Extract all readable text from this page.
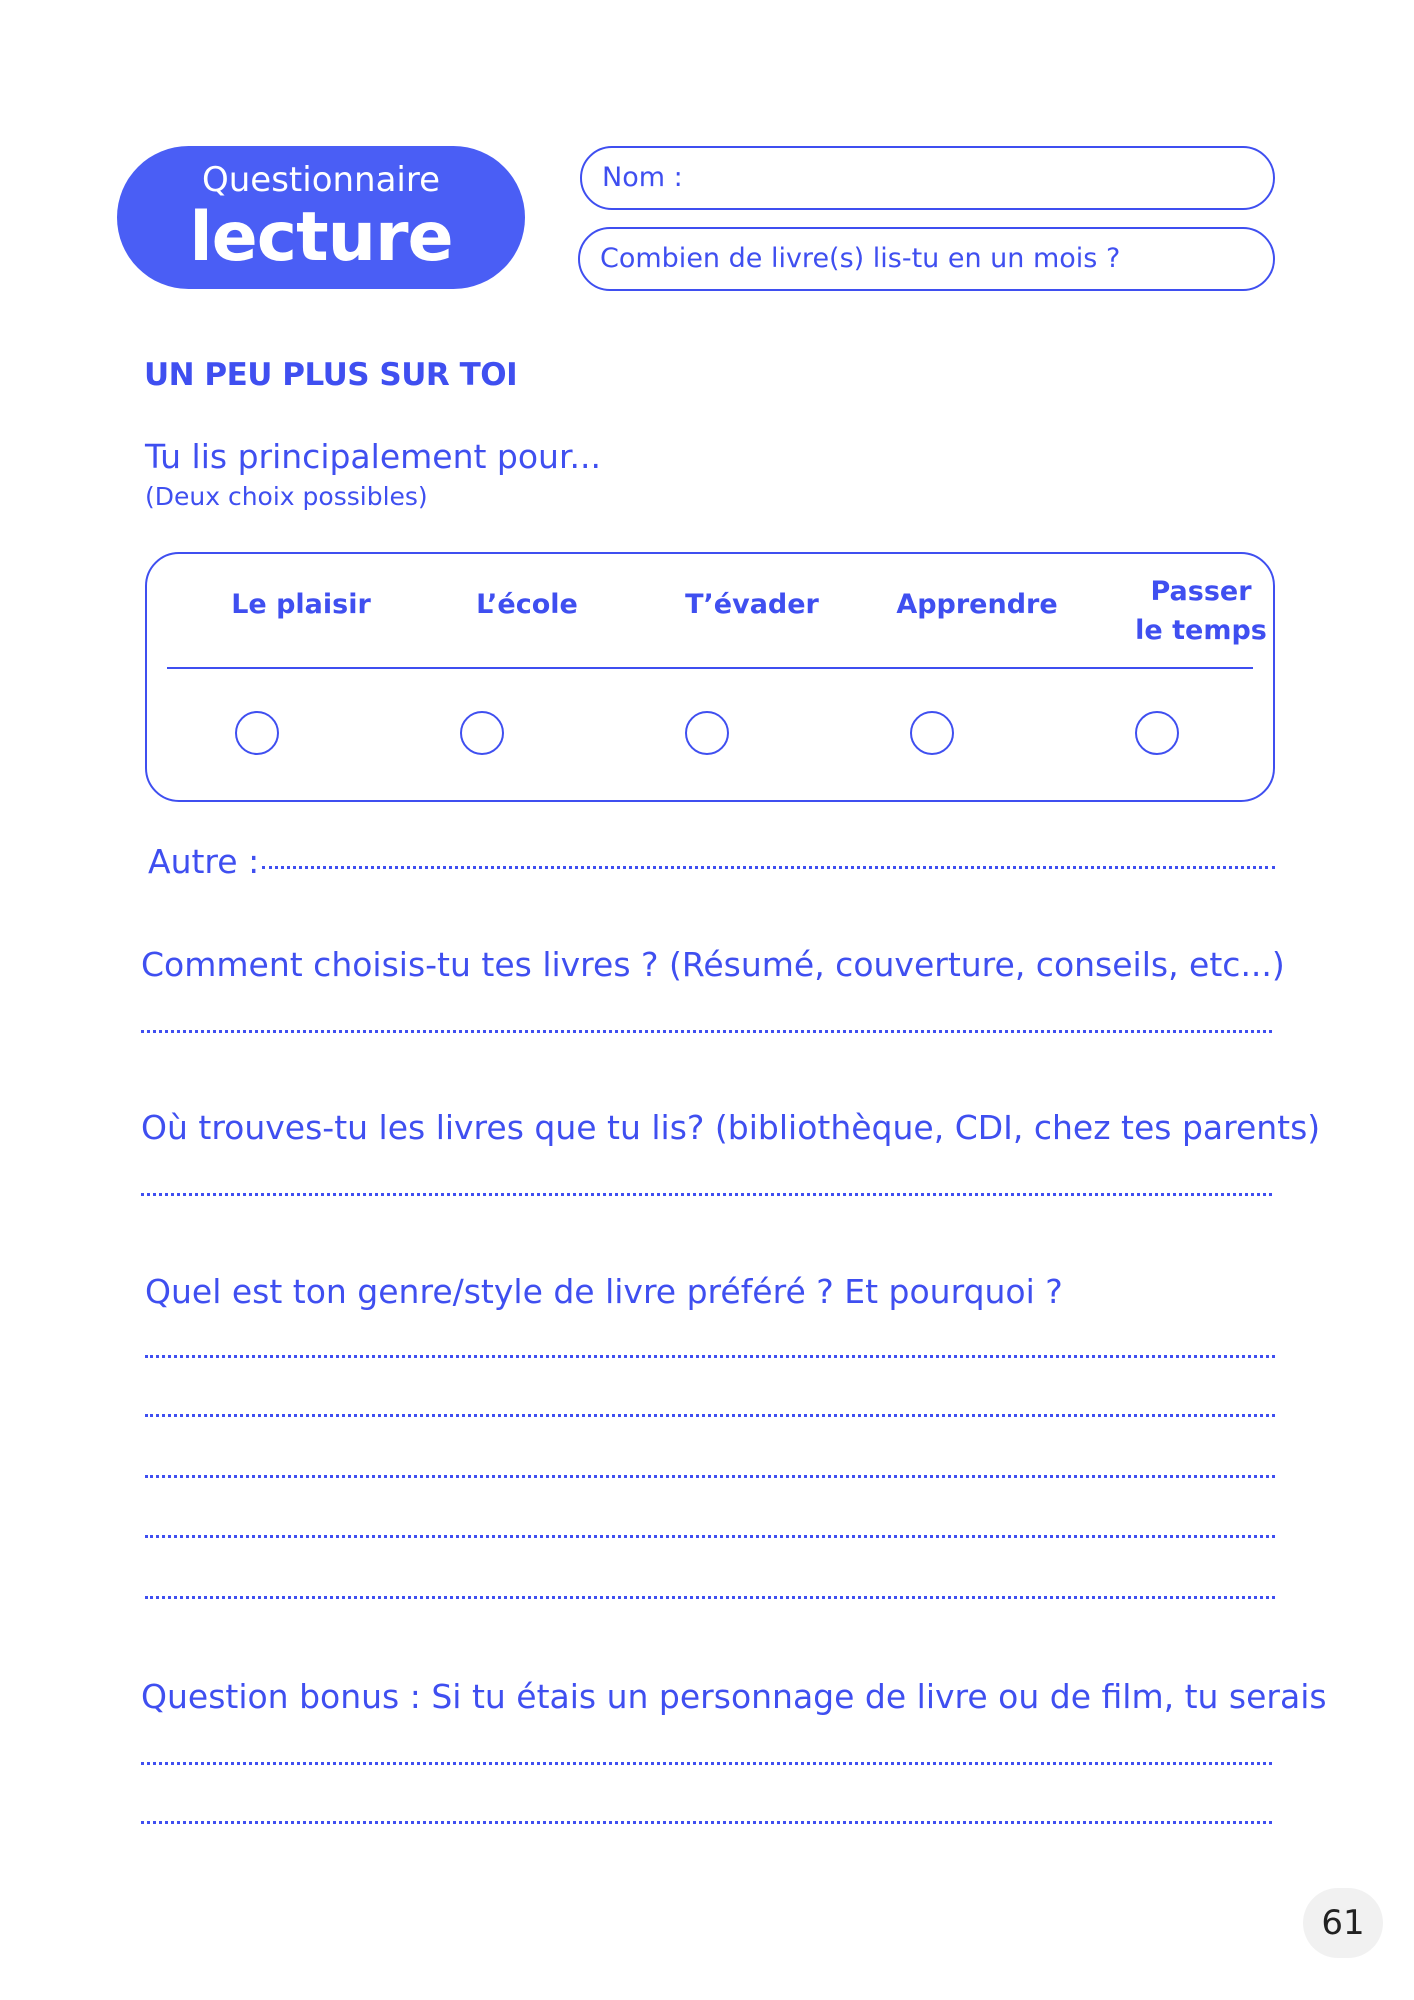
Questionnaire
lecture
Nom :
Combien de livre(s) lis-tu en un mois ?
UN PEU PLUS SUR TOI
Tu lis principalement pour...
(Deux choix possibles)
Le plaisir	L’école	T’évader	Apprendre	Passer
le temps
Autre :
Comment choisis-tu tes livres ? (Résumé, couverture, conseils, etc...)
Où trouves-tu les livres que tu lis? (bibliothèque, CDI, chez tes parents)
Quel est ton genre/style de livre préféré ? Et pourquoi ?
Question bonus : Si tu étais un personnage de livre ou de film, tu serais
61
